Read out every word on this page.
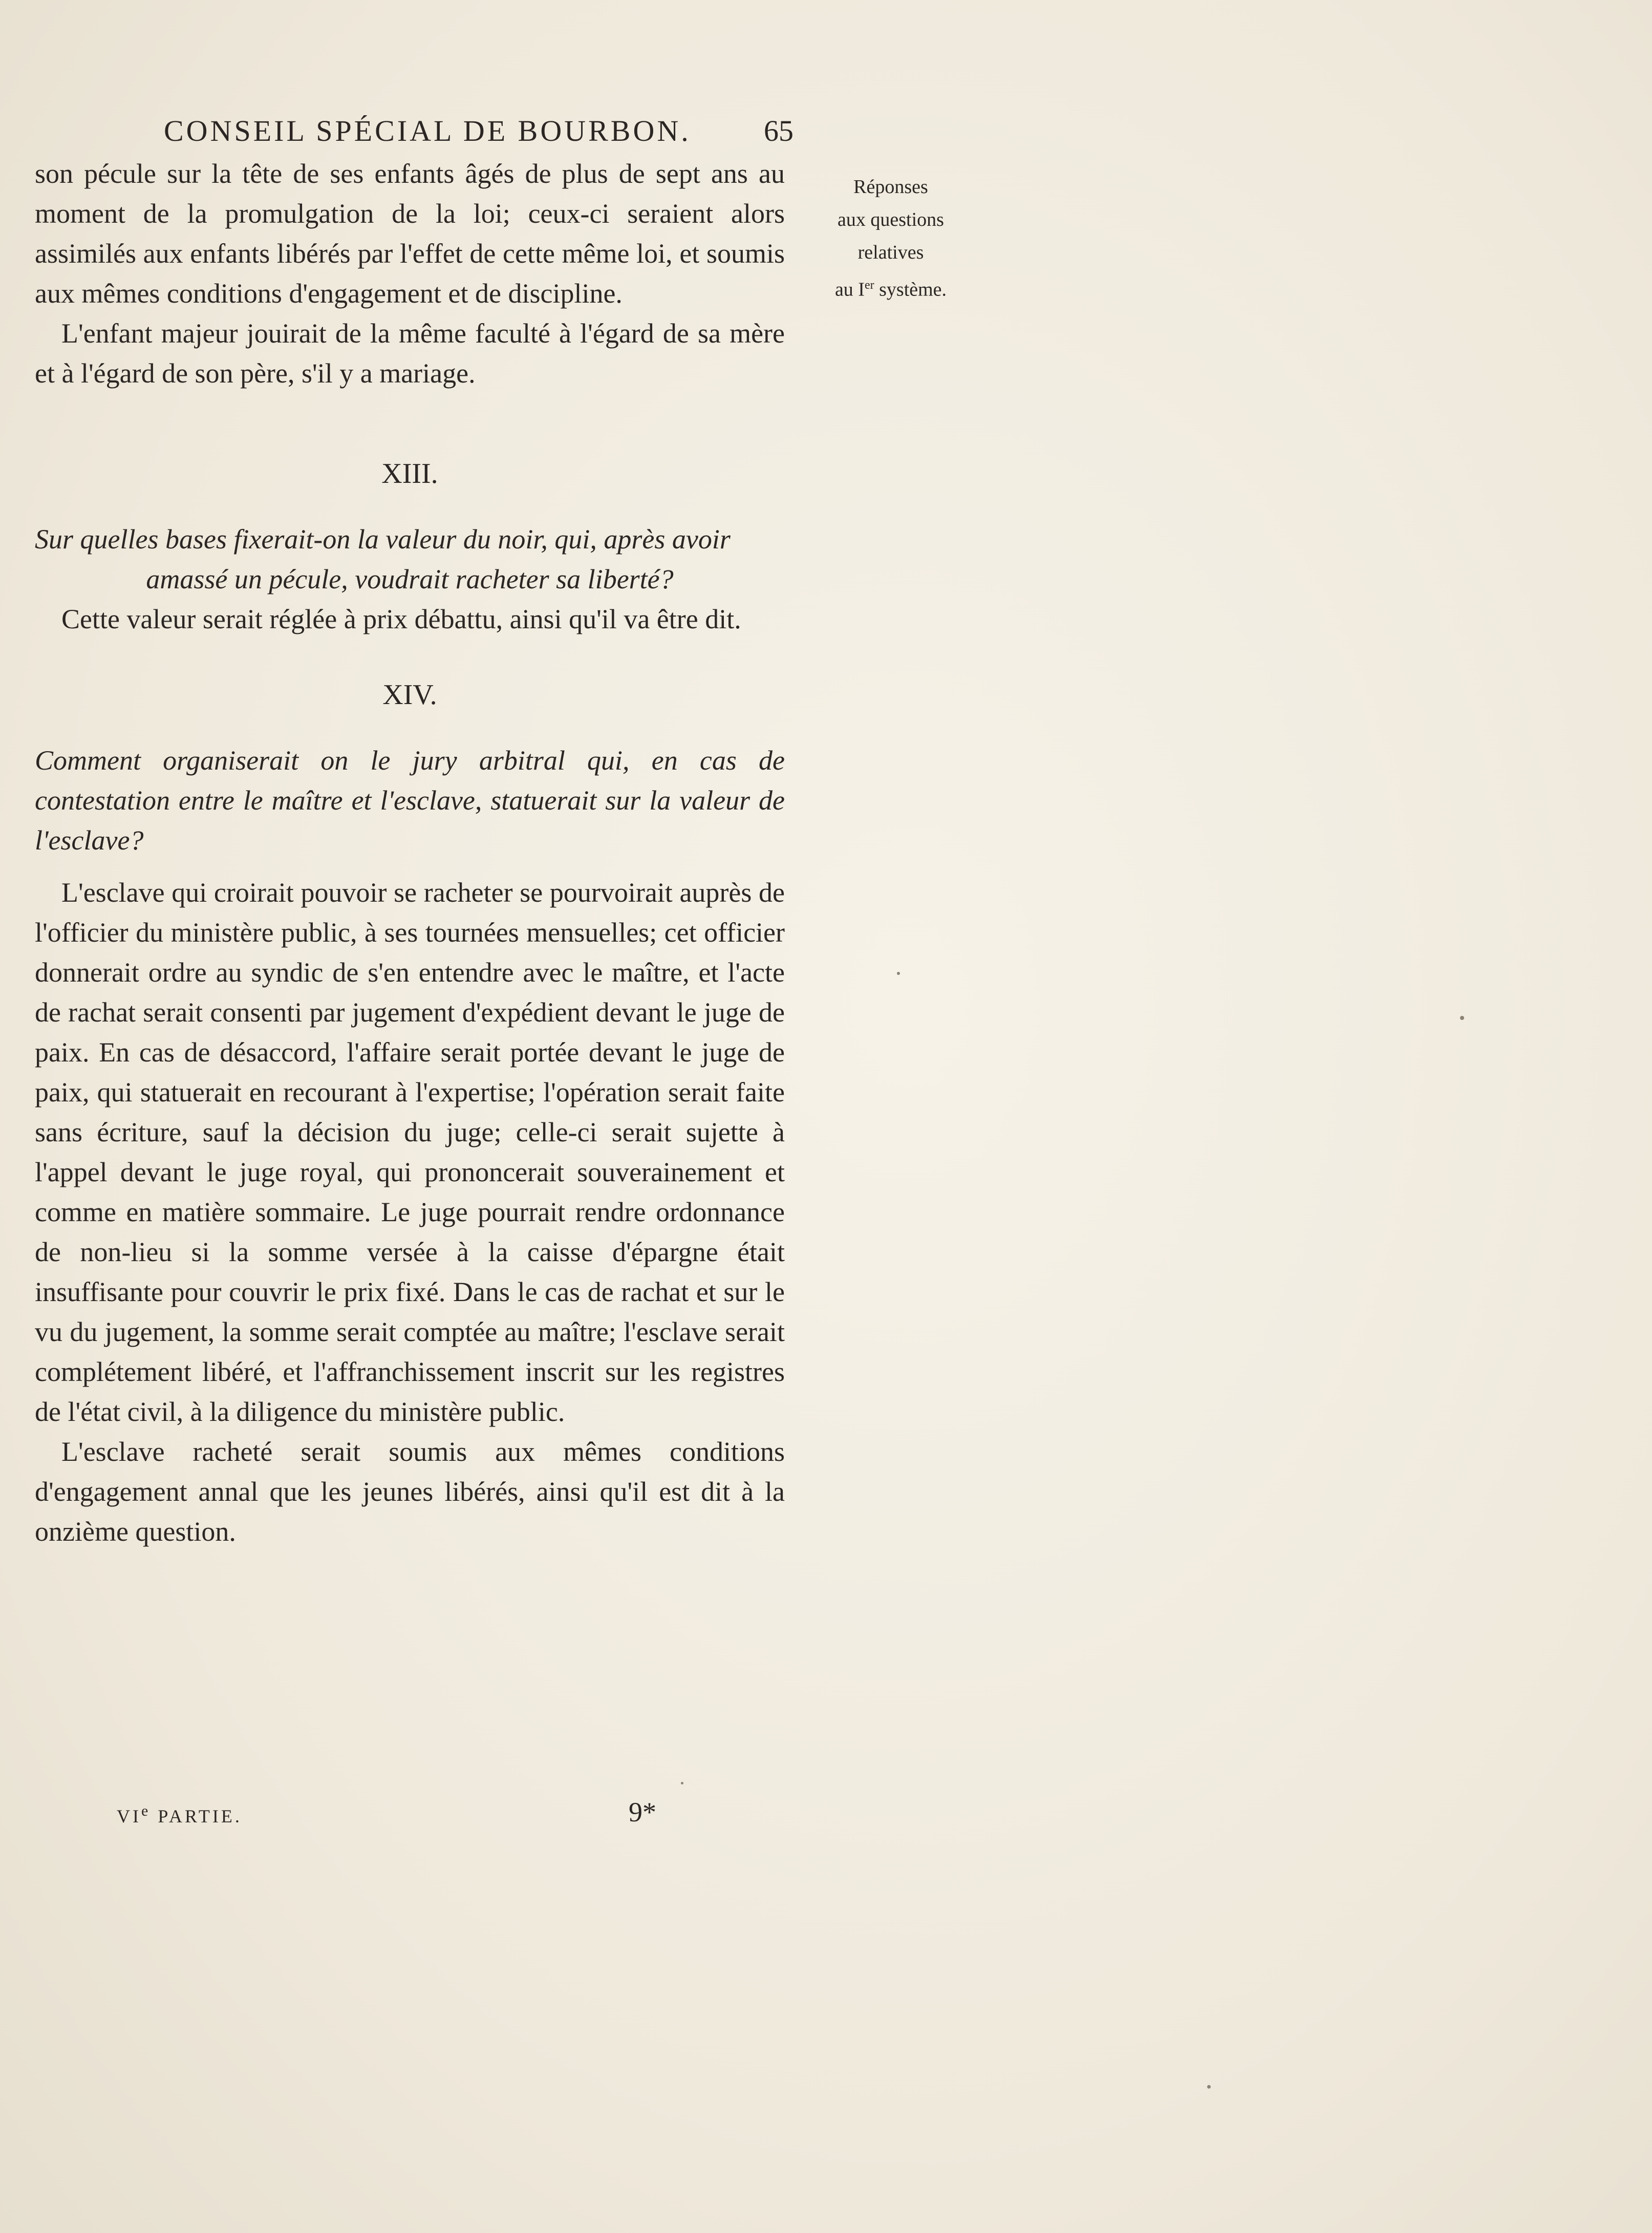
CONSEIL SPÉCIAL DE BOURBON. 65
Réponses
aux questions
relatives
au Ier système.

son pécule sur la tête de ses enfants âgés de plus de sept ans au moment de la promulgation de la loi; ceux-ci seraient alors assimilés aux enfants libérés par l'effet de cette même loi, et soumis aux mêmes conditions d'engagement et de discipline.

L'enfant majeur jouirait de la même faculté à l'égard de sa mère et à l'égard de son père, s'il y a mariage.

XIII.

Sur quelles bases fixerait-on la valeur du noir, qui, après avoir
amassé un pécule, voudrait racheter sa liberté?

Cette valeur serait réglée à prix débattu, ainsi qu'il va être dit.

XIV.

Comment organiserait on le jury arbitral qui, en cas de contestation entre le maître et l'esclave, statuerait sur la valeur de l'esclave?

L'esclave qui croirait pouvoir se racheter se pourvoirait auprès de l'officier du ministère public, à ses tournées mensuelles; cet officier donnerait ordre au syndic de s'en entendre avec le maître, et l'acte de rachat serait consenti par jugement d'expédient devant le juge de paix. En cas de désaccord, l'affaire serait portée devant le juge de paix, qui statuerait en recourant à l'expertise; l'opération serait faite sans écriture, sauf la décision du juge; celle-ci serait sujette à l'appel devant le juge royal, qui prononcerait souverainement et comme en matière sommaire. Le juge pourrait rendre ordonnance de non-lieu si la somme versée à la caisse d'épargne était insuffisante pour couvrir le prix fixé. Dans le cas de rachat et sur le vu du jugement, la somme serait comptée au maître; l'esclave serait complétement libéré, et l'affranchissement inscrit sur les registres de l'état civil, à la diligence du ministère public.

L'esclave racheté serait soumis aux mêmes conditions d'engagement annal que les jeunes libérés, ainsi qu'il est dit à la onzième question.

VIe PARTIE.	9*
